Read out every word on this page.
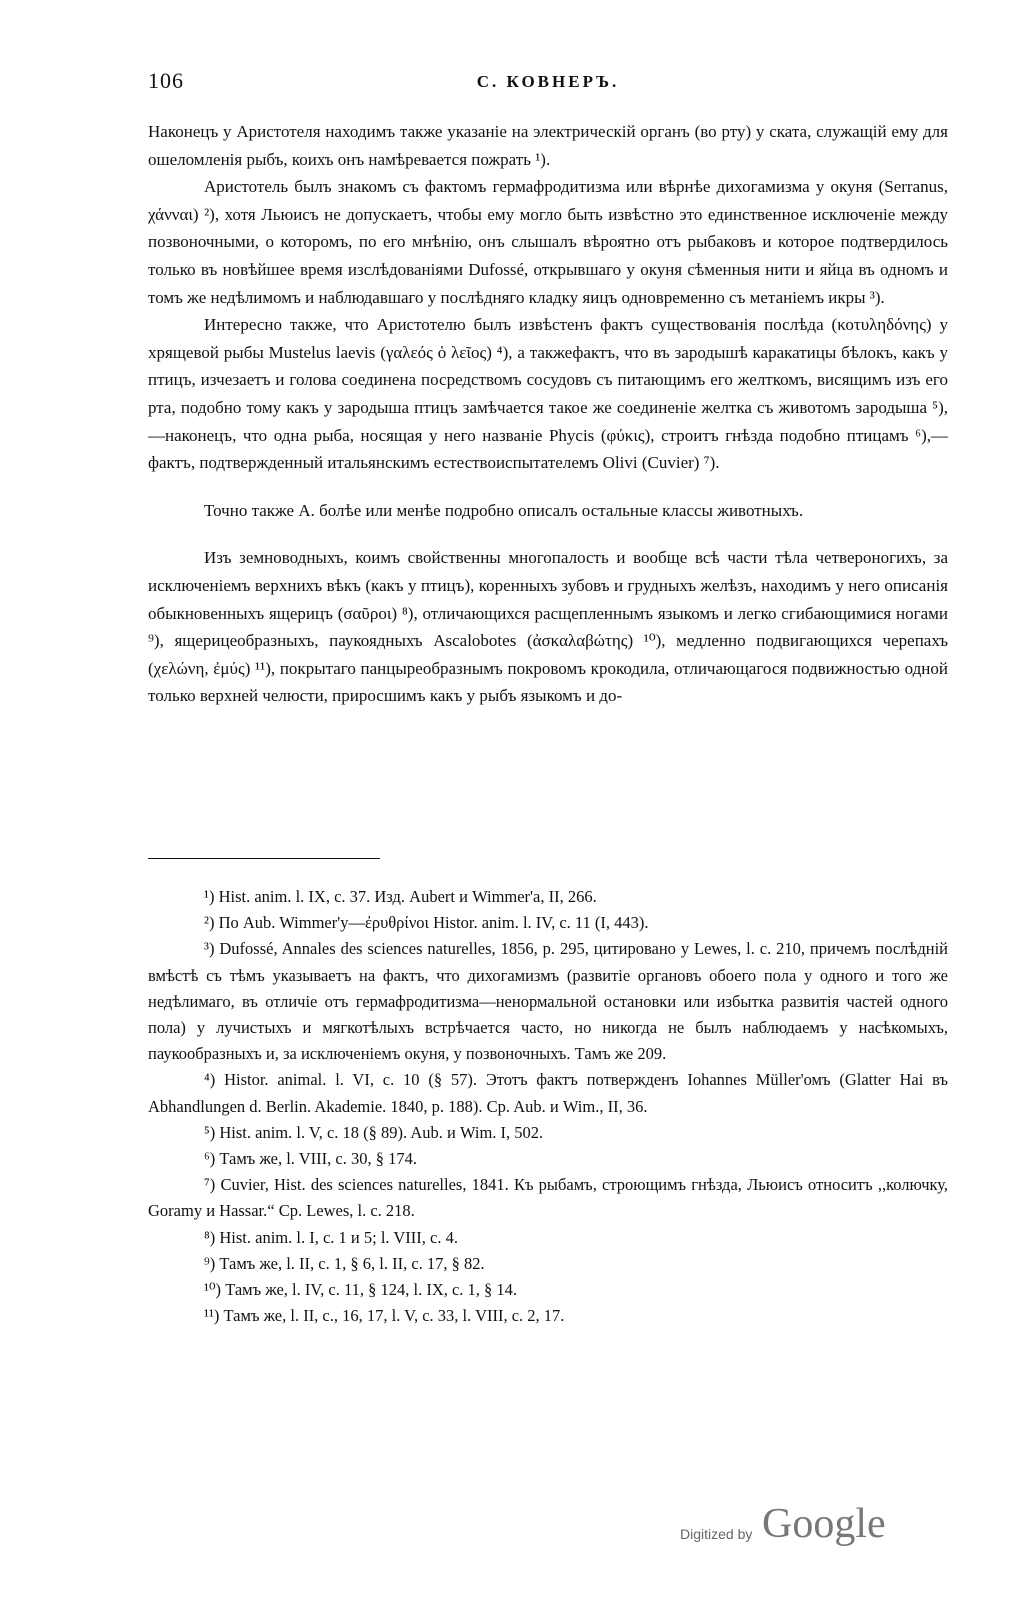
106	С. КОВНЕРЪ.

Наконецъ у Аристотеля находимъ также указаніе на электрическій органъ (во рту) у ската, служащій ему для ошеломленія рыбъ, коихъ онъ намѣревается пожрать ¹).

Аристотель былъ знакомъ съ фактомъ гермафродитизма или вѣрнѣе дихогамизма у окуня (Serranus, χάνναι) ²), хотя Льюисъ не допускаетъ, чтобы ему могло быть извѣстно это единственное исключеніе между позвоночными, о которомъ, по его мнѣнію, онъ слышалъ вѣроятно отъ рыбаковъ и которое подтвердилось только въ новѣйшее время изслѣдованіями Dufossé, открывшаго у окуня сѣменныя нити и яйца въ одномъ и томъ же недѣлимомъ и наблюдавшаго у послѣдняго кладку яицъ одновременно съ метаніемъ икры ³).

Интересно также, что Аристотелю былъ извѣстенъ фактъ существованія послѣда (κοτυληδόνης) у хрящевой рыбы Mustelus laevis (γαλεός ὁ λεῖος) ⁴), а такжефактъ, что въ зародышѣ каракатицы бѣлокъ, какъ у птицъ, изчезаетъ и голова соединена посредствомъ сосудовъ съ питающимъ его желткомъ, висящимъ изъ его рта, подобно тому какъ у зародыша птицъ замѣчается такое же соединеніе желтка съ животомъ зародыша ⁵),—наконецъ, что одна рыба, носящая у него названіе Phycis (φύκις), строитъ гнѣзда подобно птицамъ ⁶),—фактъ, подтвержденный итальянскимъ естествоиспытателемъ Olivi (Cuvier) ⁷).

Точно также А. болѣе или менѣе подробно описалъ остальные классы животныхъ.

Изъ земноводныхъ, коимъ свойственны многопалость и вообще всѣ части тѣла четвероногихъ, за исключеніемъ верхнихъ вѣкъ (какъ у птицъ), коренныхъ зубовъ и грудныхъ желѣзъ, находимъ у него описанія обыкновенныхъ ящерицъ (σαῦροι) ⁸), отличающихся расщепленнымъ языкомъ и легко сгибающимися ногами ⁹), ящерицеобразныхъ, паукоядныхъ Ascalobotes (ἀσκαλαβώτης) ¹⁰), медленно подвигающихся черепахъ (χελώνη, ἐμύς) ¹¹), покрытаго панцыреобразнымъ покровомъ крокодила, отличающагося подвижностью одной только верхней челюсти, приросшимъ какъ у рыбъ языкомъ и до-

¹) Hist. anim. l. IX, c. 37. Изд. Aubert и Wimmer'а, II, 266.

²) По Aub. Wimmer'у—ἐρυθρίνοι Histor. anim. l. IV, c. 11 (I, 443).

³) Dufossé, Annales des sciences naturelles, 1856, p. 295, цитировано у Lewes, l. c. 210, причемъ послѣдній вмѣстѣ съ тѣмъ указываетъ на фактъ, что дихогамизмъ (развитіе органовъ обоего пола у одного и того же недѣлимаго, въ отличіе отъ гермафродитизма—ненормальной остановки или избытка развитія частей одного пола) у лучистыхъ и мягкотѣлыхъ встрѣчается часто, но никогда не былъ наблюдаемъ у насѣкомыхъ, паукообразныхъ и, за исключеніемъ окуня, у позвоночныхъ. Тамъ же 209.

⁴) Histor. animal. l. VI, c. 10 (§ 57). Этотъ фактъ потвержденъ Iohannes Müller'омъ (Glatter Hai въ Abhandlungen d. Berlin. Akademie. 1840, p. 188). Cp. Aub. и Wim., II, 36.

⁵) Hist. anim. l. V, c. 18 (§ 89). Aub. и Wim. I, 502.

⁶) Тамъ же, l. VIII, c. 30, § 174.

⁷) Cuvier, Hist. des sciences naturelles, 1841. Къ рыбамъ, строющимъ гнѣзда, Льюисъ относитъ ,,колючку, Goramy и Hassar.“ Cp. Lewes, l. c. 218.

⁸) Hist. anim. l. I, c. 1 и 5; l. VIII, c. 4.

⁹) Тамъ же, l. II, c. 1, § 6, l. II, c. 17, § 82.

¹⁰) Тамъ же, l. IV, c. 11, § 124, l. IX, c. 1, § 14.

¹¹) Тамъ же, l. II, c., 16, 17, l. V, c. 33, l. VIII, c. 2, 17.

Digitized by Google
